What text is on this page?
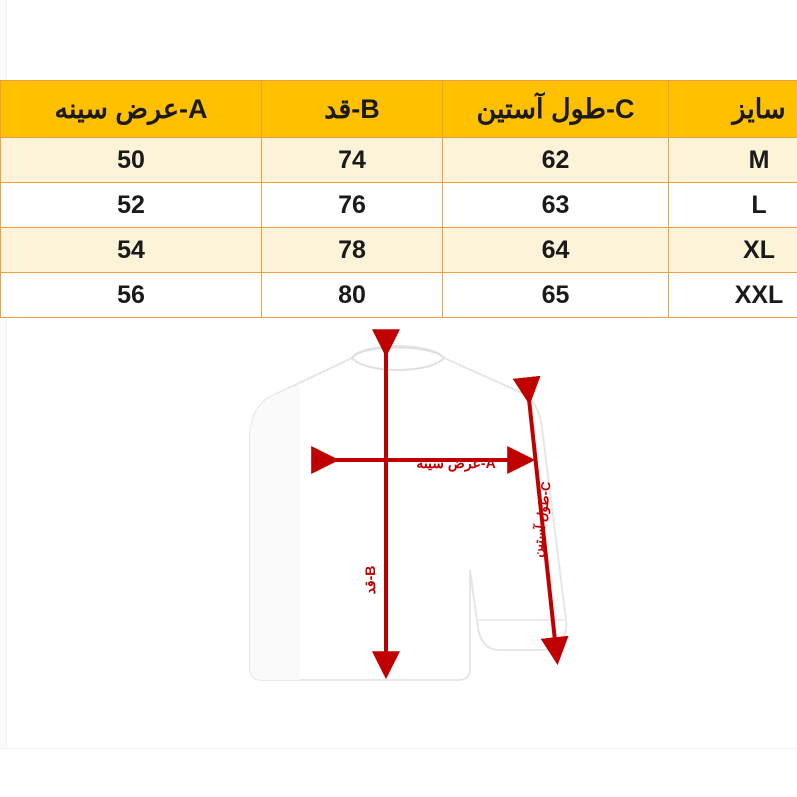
سایز	C-طول آستین	B-قد	A-عرض سینه
M	62	74	50
L	63	76	52
XL	64	78	54
XXL	65	80	56
A-عرض سینه
B-قد
C-طول آستین
